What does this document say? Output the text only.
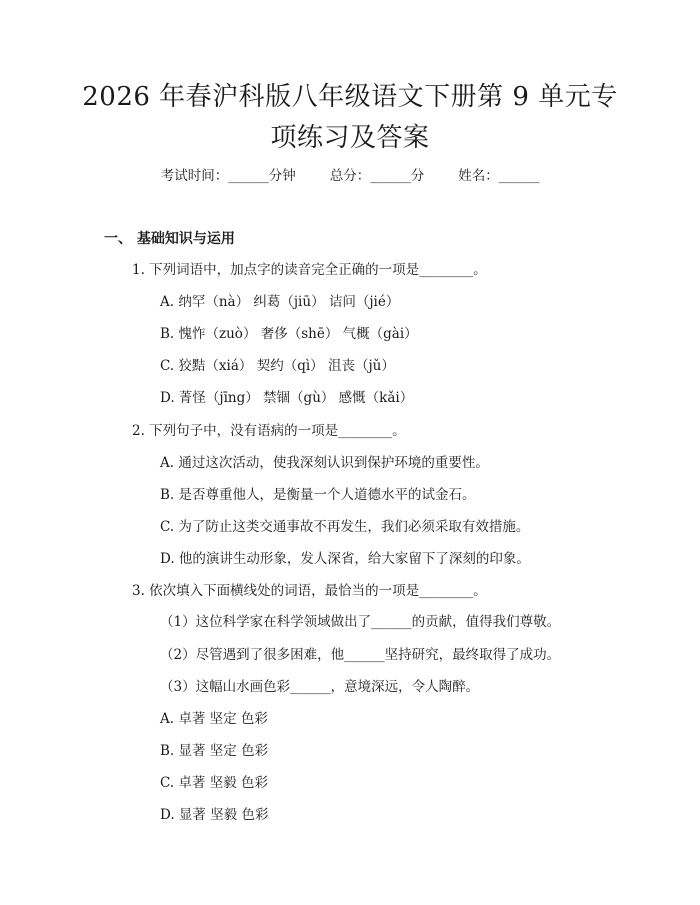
2026 年春沪科版八年级语文下册第 9 单元专
项练习及答案
考试时间：______分钟	总分：______分	姓名：______
一、 基础知识与运用
1. 下列词语中，加点字的读音完全正确的一项是________。
A. 纳罕（nà） 纠葛（jiū） 诘问（jié）
B. 愧怍（zuò） 奢侈（shē） 气概（gài）
C. 狡黠（xiá） 契约（qì） 沮丧（jǔ）
D. 菁怪（jīng） 禁锢（gù） 感慨（kǎi）
2. 下列句子中，没有语病的一项是________。
A. 通过这次活动，使我深刻认识到保护环境的重要性。
B. 是否尊重他人，是衡量一个人道德水平的试金石。
C. 为了防止这类交通事故不再发生，我们必须采取有效措施。
D. 他的演讲生动形象，发人深省，给大家留下了深刻的印象。
3. 依次填入下面横线处的词语，最恰当的一项是________。
（1）这位科学家在科学领域做出了______的贡献，值得我们尊敬。
（2）尽管遇到了很多困难，他______坚持研究，最终取得了成功。
（3）这幅山水画色彩______，意境深远，令人陶醉。
A. 卓著 坚定 色彩
B. 显著 坚定 色彩
C. 卓著 坚毅 色彩
D. 显著 坚毅 色彩
